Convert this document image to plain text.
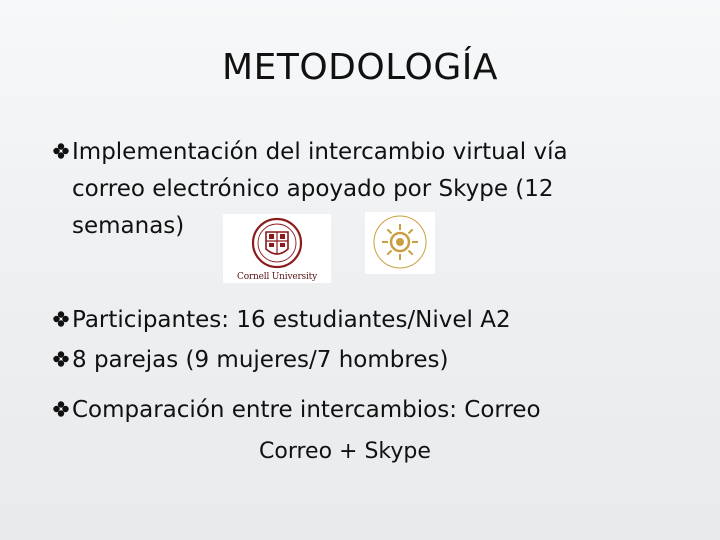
METODOLOGÍA
Implementación del intercambio virtual vía
correo electrónico apoyado por Skype (12
semanas)
Cornell University
Participantes: 16 estudiantes/Nivel A2
8 parejas (9 mujeres/7 hombres)
Comparación entre intercambios: Correo
Correo + Skype
